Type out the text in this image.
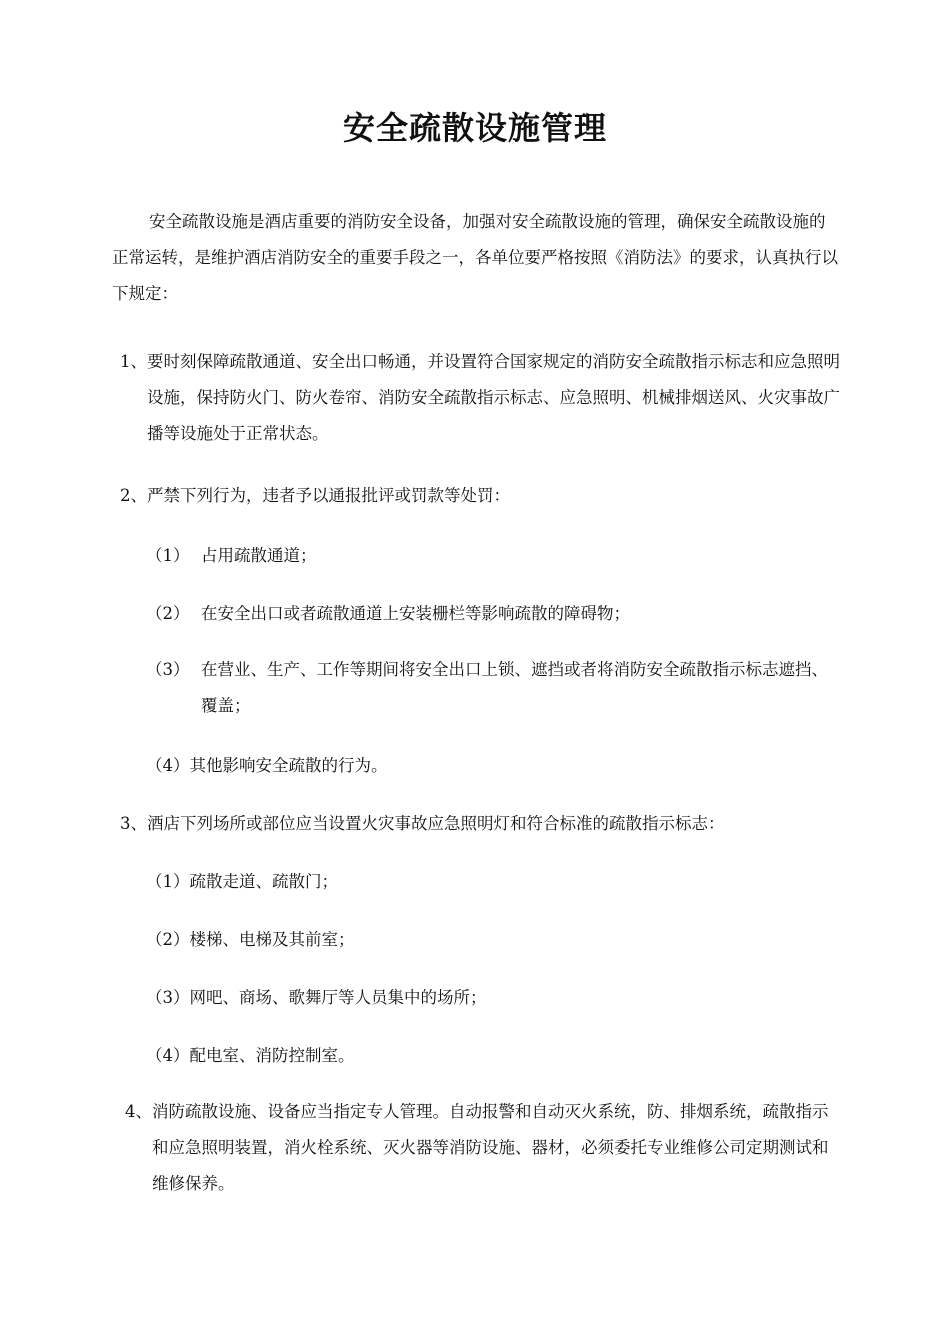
安全疏散设施管理

安全疏散设施是酒店重要的消防安全设备，加强对安全疏散设施的管理，确保安全疏散设施的正常运转，是维护酒店消防安全的重要手段之一，各单位要严格按照《消防法》的要求，认真执行以下规定：

1、 要时刻保障疏散通道、安全出口畅通，并设置符合国家规定的消防安全疏散指示标志和应急照明设施，保持防火门、防火卷帘、消防安全疏散指示标志、应急照明、机械排烟送风、火灾事故广播等设施处于正常状态。
2、 严禁下列行为，违者予以通报批评或罚款等处罚：
（1） 占用疏散通道；
（2） 在安全出口或者疏散通道上安装栅栏等影响疏散的障碍物；
（3） 在营业、生产、工作等期间将安全出口上锁、遮挡或者将消防安全疏散指示标志遮挡、覆盖；
（4） 其他影响安全疏散的行为。
3、 酒店下列场所或部位应当设置火灾事故应急照明灯和符合标准的疏散指示标志：
（1） 疏散走道、疏散门；
（2） 楼梯、电梯及其前室；
（3） 网吧、商场、歌舞厅等人员集中的场所；
（4） 配电室、消防控制室。
4、 消防疏散设施、设备应当指定专人管理。自动报警和自动灭火系统，防、排烟系统，疏散指示和应急照明装置，消火栓系统、灭火器等消防设施、器材，必须委托专业维修公司定期测试和维修保养。
